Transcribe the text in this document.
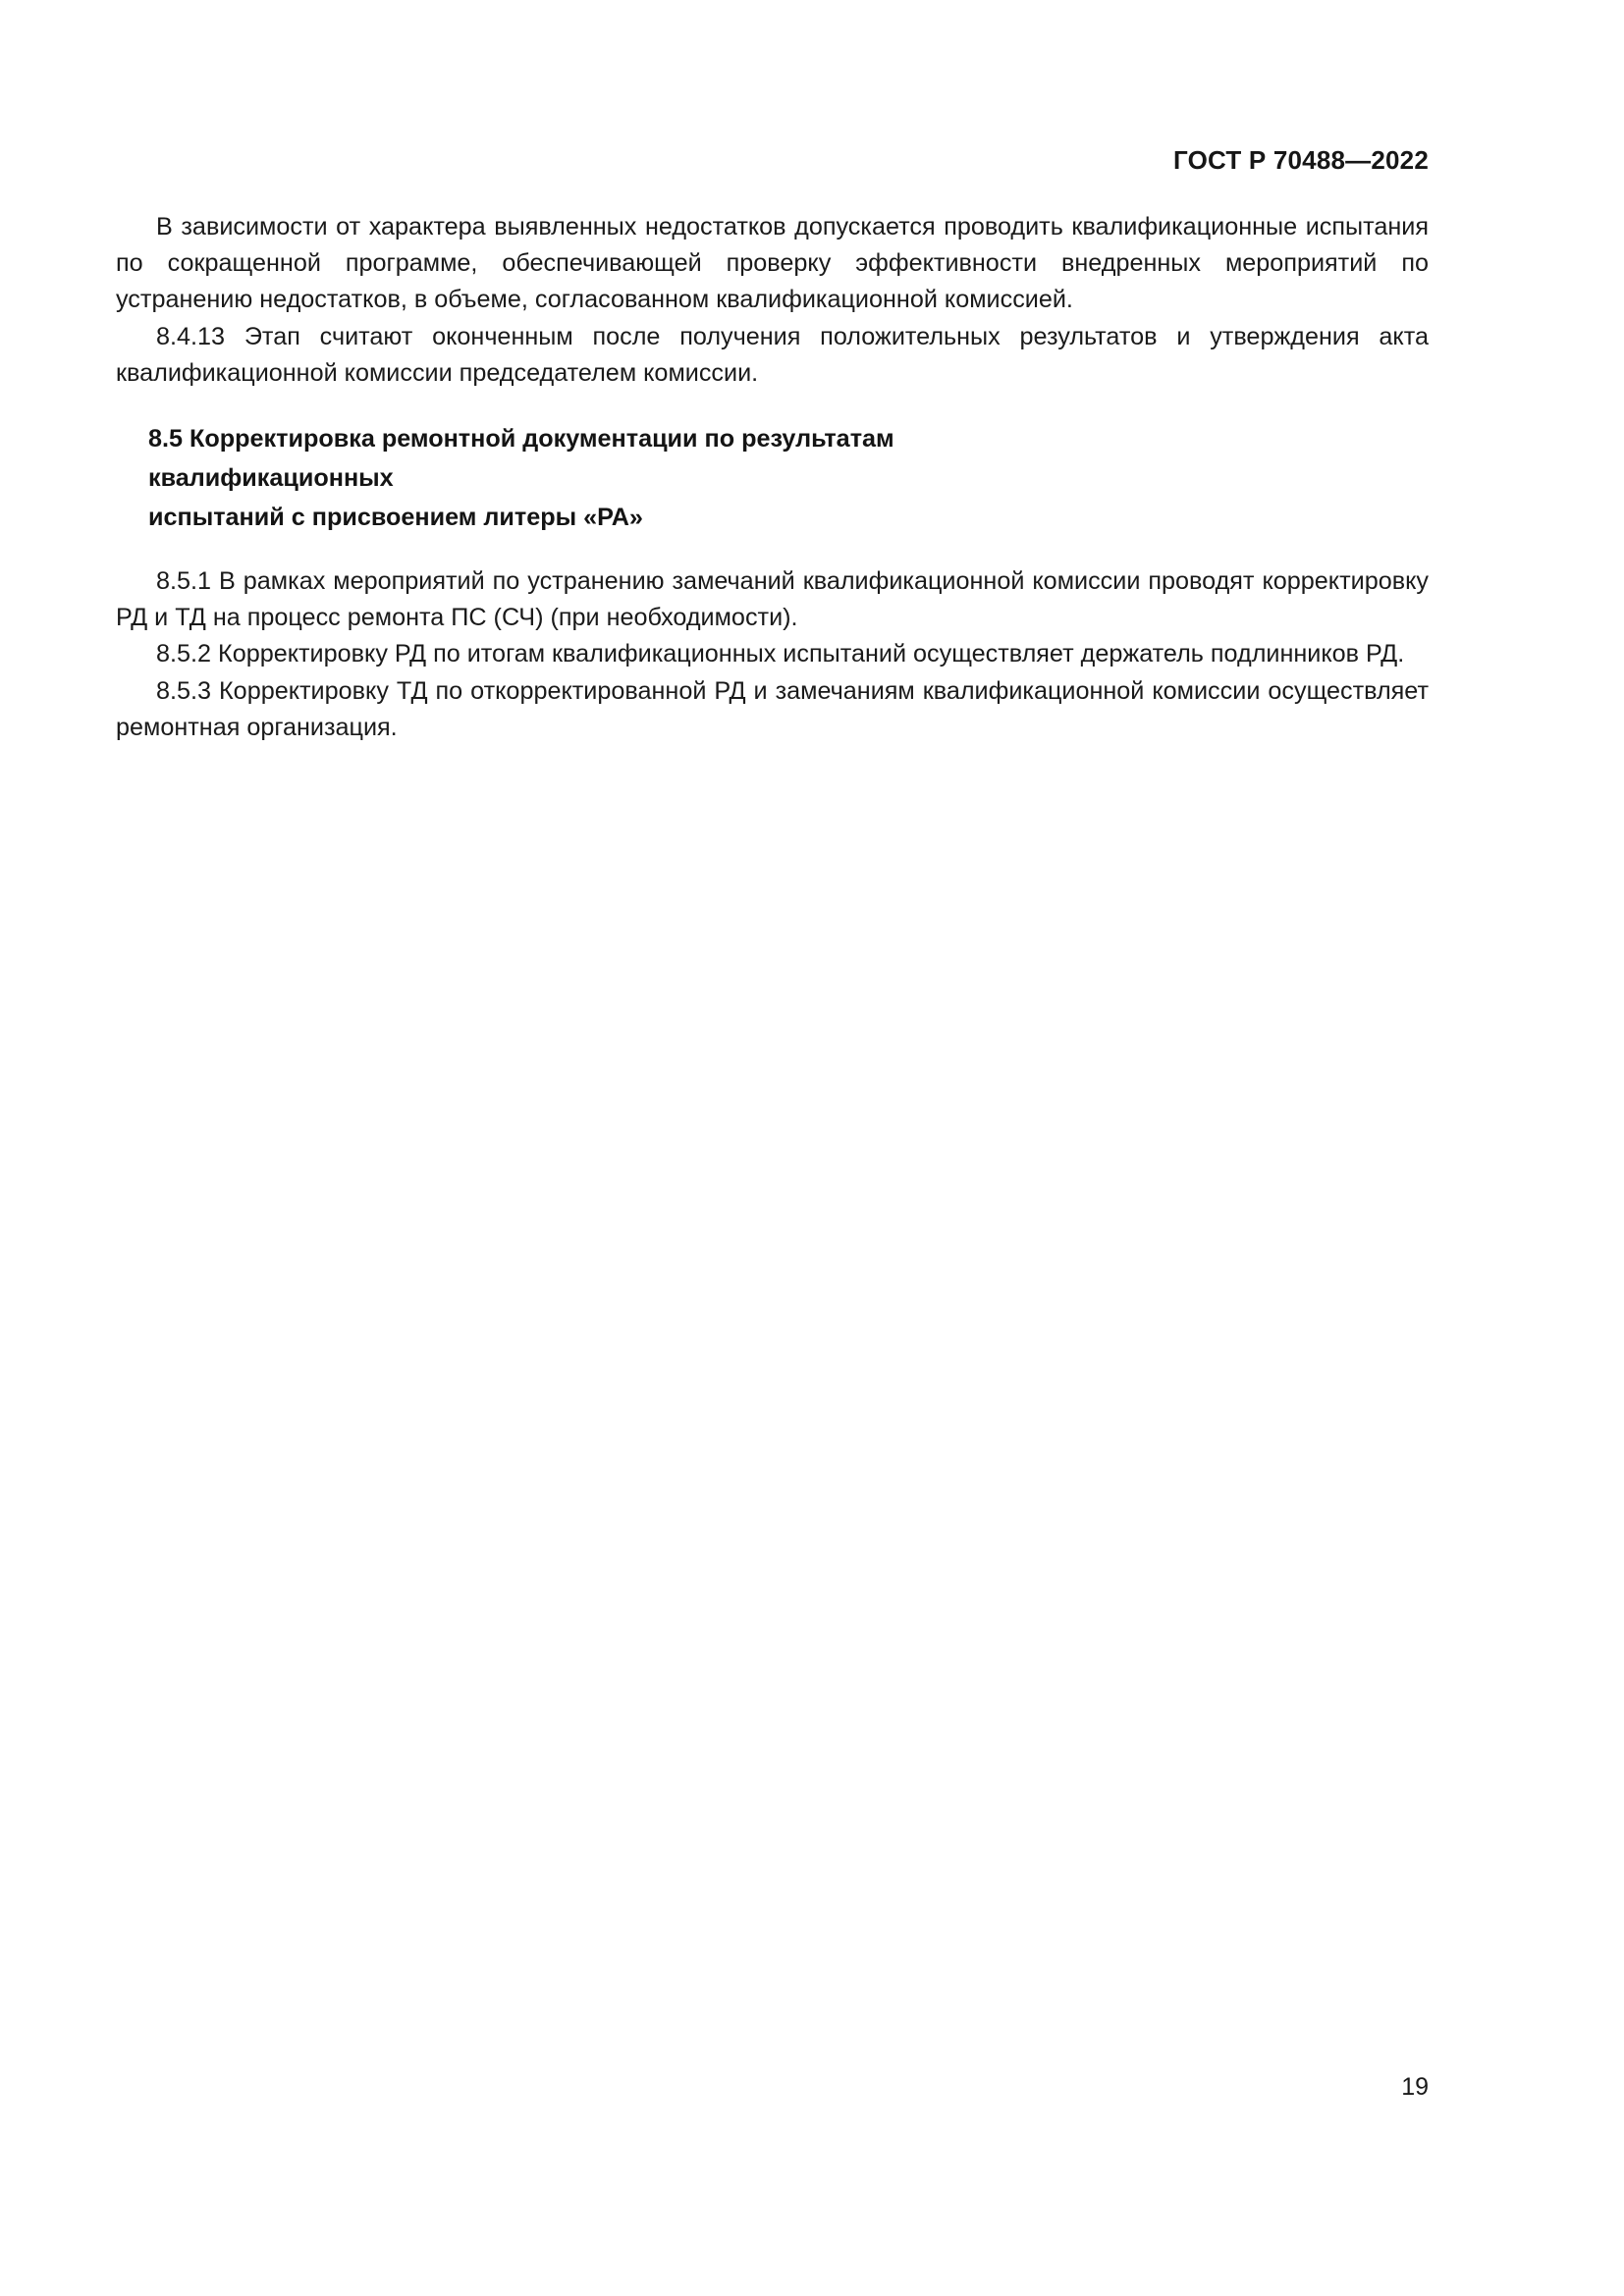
ГОСТ Р 70488—2022

В зависимости от характера выявленных недостатков допускается проводить квалификационные испытания по сокращенной программе, обеспечивающей проверку эффективности внедренных мероприятий по устранению недостатков, в объеме, согласованном квалификационной комиссией.

8.4.13 Этап считают оконченным после получения положительных результатов и утверждения акта квалификационной комиссии председателем комиссии.

8.5 Корректировка ремонтной документации по результатам квалификационных
испытаний с присвоением литеры «РА»

8.5.1 В рамках мероприятий по устранению замечаний квалификационной комиссии проводят корректировку РД и ТД на процесс ремонта ПС (СЧ) (при необходимости).

8.5.2 Корректировку РД по итогам квалификационных испытаний осуществляет держатель подлинников РД.

8.5.3 Корректировку ТД по откорректированной РД и замечаниям квалификационной комиссии осуществляет ремонтная организация.

19
